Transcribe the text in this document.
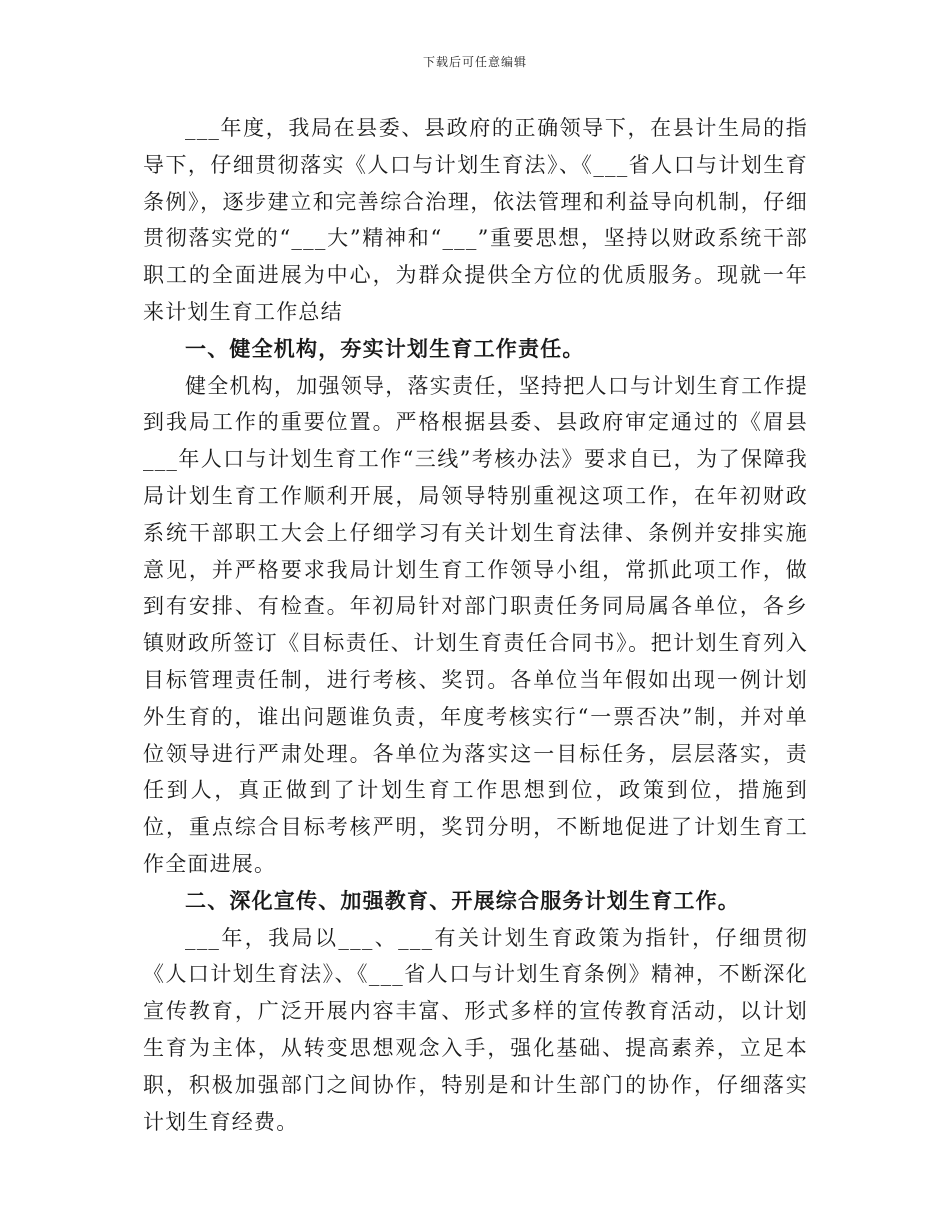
下载后可任意编辑

___年度，我局在县委、县政府的正确领导下，在县计生局的指导下，仔细贯彻落实《人口与计划生育法》、《___省人口与计划生育条例》，逐步建立和完善综合治理，依法管理和利益导向机制，仔细贯彻落实党的“___大”精神和“___”重要思想，坚持以财政系统干部职工的全面进展为中心，为群众提供全方位的优质服务。现就一年来计划生育工作总结

一、健全机构，夯实计划生育工作责任。

健全机构，加强领导，落实责任，坚持把人口与计划生育工作提到我局工作的重要位置。严格根据县委、县政府审定通过的《眉县___年人口与计划生育工作“三线”考核办法》要求自已，为了保障我局计划生育工作顺利开展，局领导特别重视这项工作，在年初财政系统干部职工大会上仔细学习有关计划生育法律、条例并安排实施意见，并严格要求我局计划生育工作领导小组，常抓此项工作，做到有安排、有检查。年初局针对部门职责任务同局属各单位，各乡镇财政所签订《目标责任、计划生育责任合同书》。把计划生育列入目标管理责任制，进行考核、奖罚。各单位当年假如出现一例计划外生育的，谁出问题谁负责，年度考核实行“一票否决”制，并对单位领导进行严肃处理。各单位为落实这一目标任务，层层落实，责任到人，真正做到了计划生育工作思想到位，政策到位，措施到位，重点综合目标考核严明，奖罚分明，不断地促进了计划生育工作全面进展。

二、深化宣传、加强教育、开展综合服务计划生育工作。

___年，我局以___、___有关计划生育政策为指针，仔细贯彻《人口计划生育法》、《___省人口与计划生育条例》精神，不断深化宣传教育，广泛开展内容丰富、形式多样的宣传教育活动，以计划生育为主体，从转变思想观念入手，强化基础、提高素养，立足本职，积极加强部门之间协作，特别是和计生部门的协作，仔细落实计划生育经费。
